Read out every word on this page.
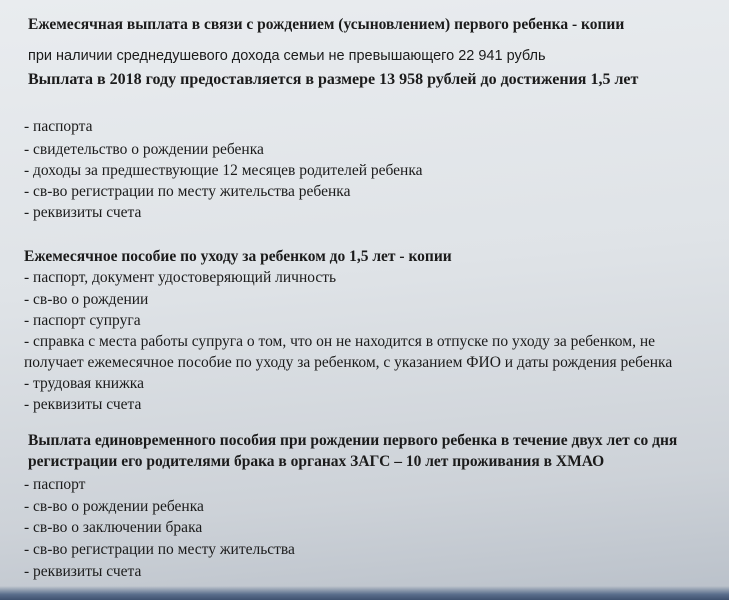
Ежемесячная выплата в связи с рождением (усыновлением) первого ребенка - копии
при наличии среднедушевого дохода семьи не превышающего 22 941 рубль
Выплата в 2018 году предоставляется в размере 13 958 рублей до достижения 1,5 лет
- паспорта
- свидетельство о рождении ребенка
- доходы за предшествующие 12 месяцев родителей ребенка
- св-во регистрации по месту жительства ребенка
- реквизиты счета
Ежемесячное пособие по уходу за ребенком до 1,5 лет - копии
- паспорт, документ удостоверяющий личность
- св-во о рождении
- паспорт супруга
- справка с места работы супруга о том, что он не находится в отпуске по уходу за ребенком, не
получает ежемесячное пособие по уходу за ребенком, с указанием ФИО и даты рождения ребенка
- трудовая книжка
- реквизиты счета
Выплата единовременного пособия при рождении первого ребенка в течение двух лет со дня
регистрации его родителями брака в органах ЗАГС – 10 лет проживания в ХМАО
- паспорт
- св-во о рождении ребенка
- св-во о заключении брака
- св-во регистрации по месту жительства
- реквизиты счета
